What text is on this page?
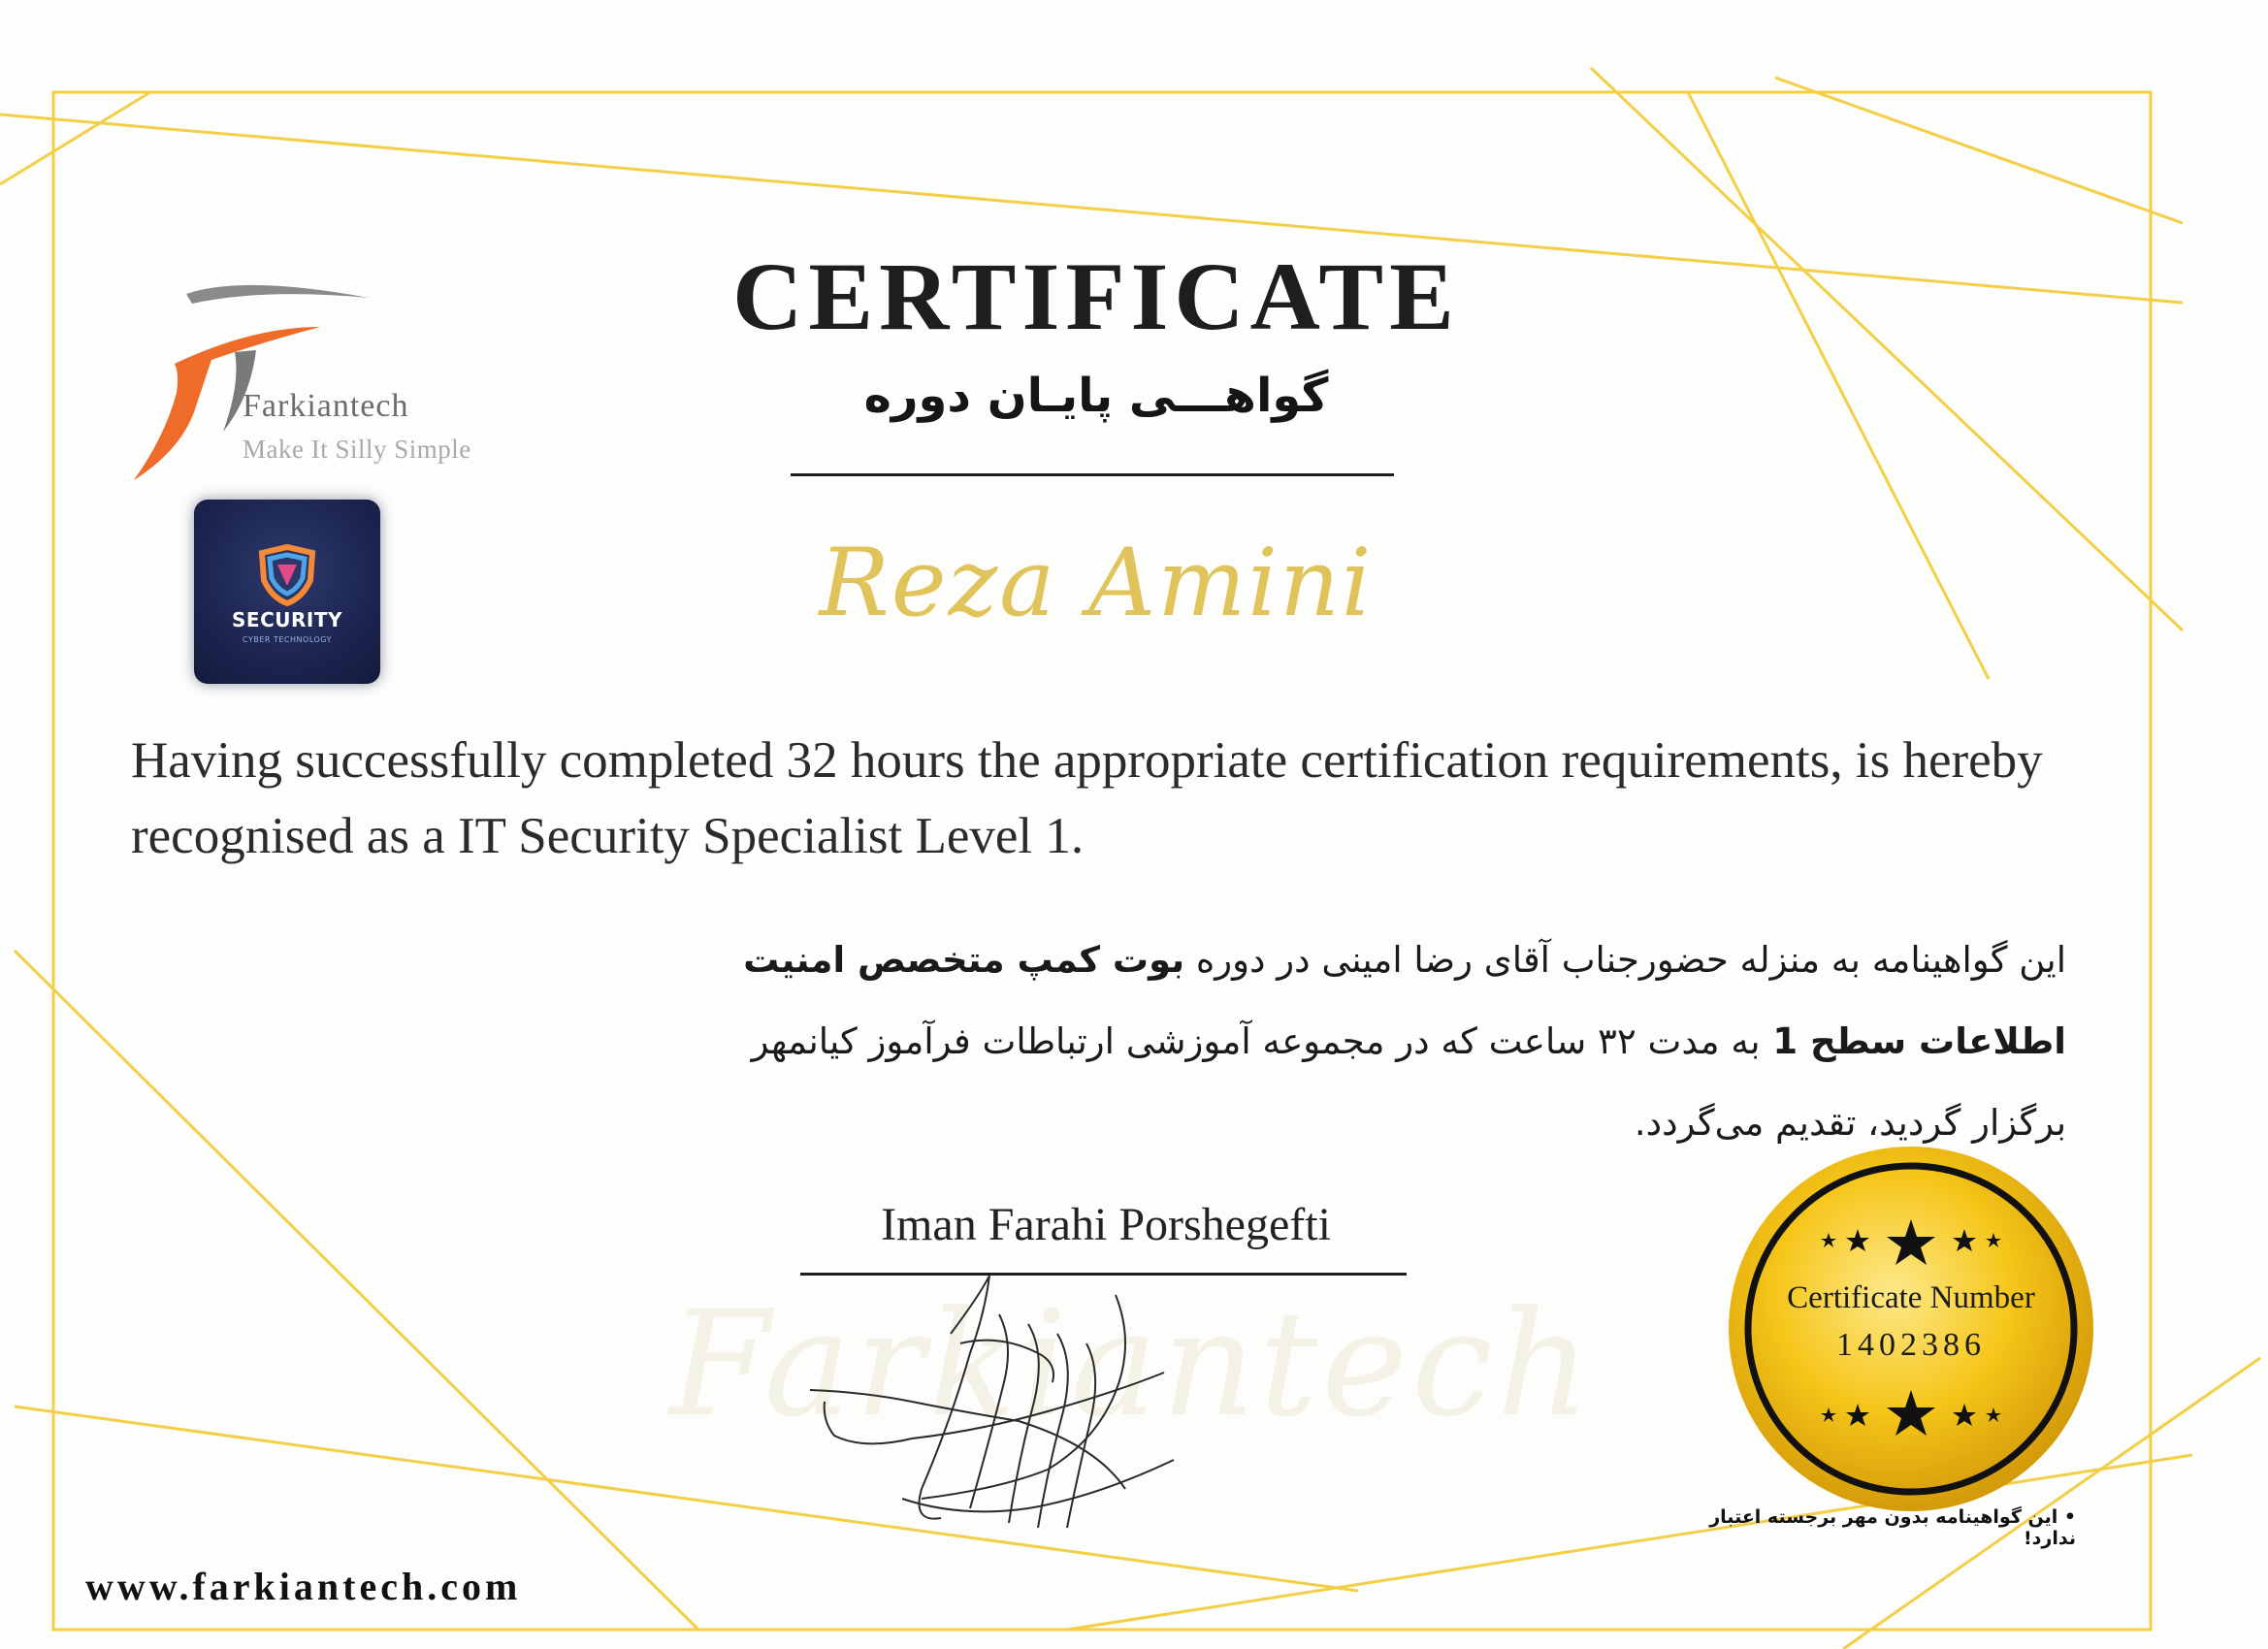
Farkiantech
Make It Silly Simple
SECURITY
CYBER TECHNOLOGY
CERTIFICATE
گواهـــی پایـان دوره
Reza Amini
Having successfully completed 32 hours the appropriate certification requirements, is hereby recognised as a IT Security Specialist Level 1.
این گواهینامه به منزله حضورجناب آقای رضا امینی در دوره بوت کمپ متخصص امنیت اطلاعات سطح 1 به مدت ۳۲ ساعت که در مجموعه آموزشی ارتباطات فرآموز کیانمهر برگزار گردید، تقدیم می‌گردد.
Farkiantech
Iman Farahi Porshegefti
Certificate Number
1402386
• این گواهینامه بدون مهر برجسته اعتبار ندارد!
www.farkiantech.com
